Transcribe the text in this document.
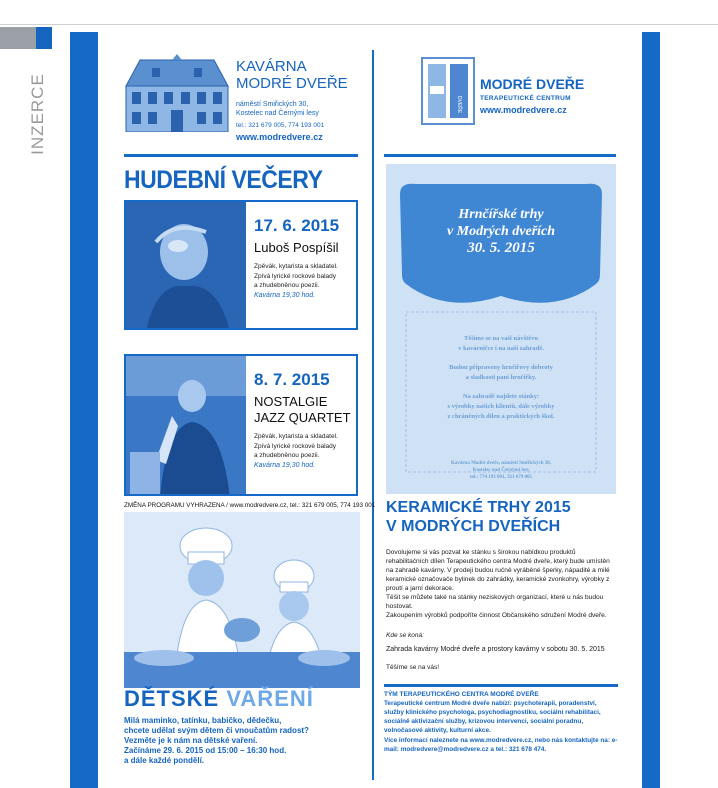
INZERCE
KAVÁRNA
MODRÉ DVEŘE
náměstí Smiřických 30,
Kostelec nad Černými lesy
tel.: 321 679 005, 774 193 001
www.modredvere.cz
HUDEBNÍ VEČERY
17. 6. 2015
Luboš Pospíšil
Zpěvák, kytarista a skladatel.
Zpívá lyrické rockové balady
a zhudebněnou poezii.
Kavárna 19,30 hod.
8. 7. 2015
NOSTALGIE
JAZZ QUARTET
Zpěvák, kytarista a skladatel.
Zpívá lyrické rockové balady
a zhudebněnou poezii.
Kavárna 19,30 hod.
ZMĚNA PROGRAMU VYHRAZENA / www.modredvere.cz, tel.: 321 679 005, 774 193 001
DĚTSKÉ VAŘENÍ
Milá maminko, tatínku, babičko, dědečku,
chcete udělat svým dětem či vnoučatům radost?
Vezměte je k nám na dětské vaření.
Začínáme 29. 6. 2015 od 15:00 – 16:30 hod.
a dále každé pondělí.
DVEŘE
MODRÉ DVEŘE
TERAPEUTICKÉ CENTRUM
www.modredvere.cz
Hrnčířské trhy
v Modrých dveřích
30. 5. 2015

Těšíme se na vaši návštěvu
v kavárničce i na naší zahradě.

Budou připraveny hrnčířovy dobroty
a sladkosti paní hrnčířky.

Na zahradě najdete stánky:
s výrobky našich klientů, dále výrobky
z chráněných dílen a praktických škol.

Kavárna Modré dveře, náměstí Smiřických 30,
Kostelec nad Černými lesy
tel.: 774 193 001, 321 679 005
KERAMICKÉ TRHY 2015
V MODRÝCH DVEŘÍCH

Dovolujeme si vás pozvat ke stánku s širokou nabídkou produktů rehabilitačních dílen Terapeutického centra Modré dveře, který bude umístěn na zahradě kavárny. V prodeji budou ručně vyráběné šperky, nápadité a milé keramické označovače bylinek do zahrádky, keramické zvonkohry, výrobky z proutí a jarní dekorace.

Těšit se můžete také na stánky neziskových organizací, které u nás budou hostovat.

Zakoupením výrobků podpoříte činnost Občanského sdružení Modré dveře.

Kde se koná:
Zahrada kavárny Modré dveře a prostory kavárny v sobotu 30. 5. 2015
Těšíme se na vás!
TÝM TERAPEUTICKÉHO CENTRA MODRÉ DVEŘE
Terapeutické centrum Modré dveře nabízí: psychoterapii, poradenství, služby klinického psychologa, psychodiagnostiku, sociální rehabilitaci, sociálně aktivizační služby, krizovou intervenci, sociální poradnu, volnočasové aktivity, kulturní akce.
Více informací naleznete na www.modredvere.cz, nebo nás kontaktujte na: e-mail: modredvere@modredvere.cz a tel.: 321 678 474.
